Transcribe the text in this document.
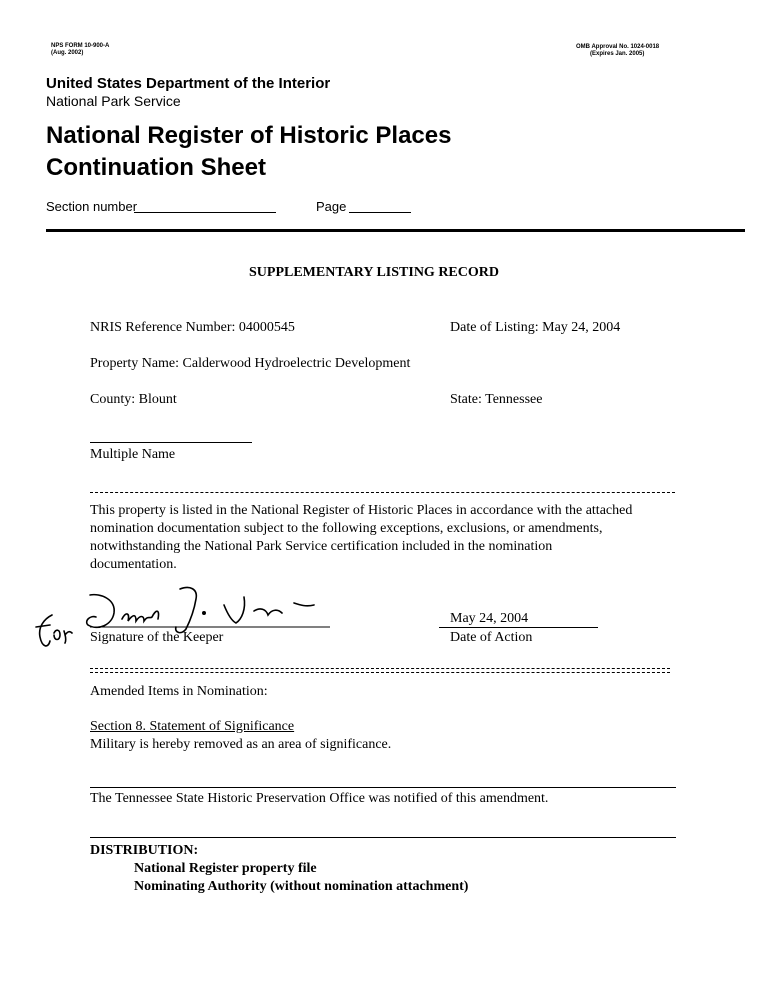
NPS FORM 10-900-A
(Aug. 2002)
OMB Approval No. 1024-0018
(Expires Jan. 2005)
United States Department of the Interior
National Park Service
National Register of Historic Places
Continuation Sheet
Section number	Page
SUPPLEMENTARY LISTING RECORD
NRIS Reference Number: 04000545	Date of Listing: May 24, 2004
Property Name: Calderwood Hydroelectric Development
County: Blount	State: Tennessee
Multiple Name
This property is listed in the National Register of Historic Places in accordance with the attached
nomination documentation subject to the following exceptions, exclusions, or amendments,
notwithstanding the National Park Service certification included in the nomination
documentation.
Signature of the Keeper
May 24, 2004
Date of Action
Amended Items in Nomination:
Section 8. Statement of Significance
Military is hereby removed as an area of significance.
The Tennessee State Historic Preservation Office was notified of this amendment.
DISTRIBUTION:
National Register property file
Nominating Authority (without nomination attachment)
